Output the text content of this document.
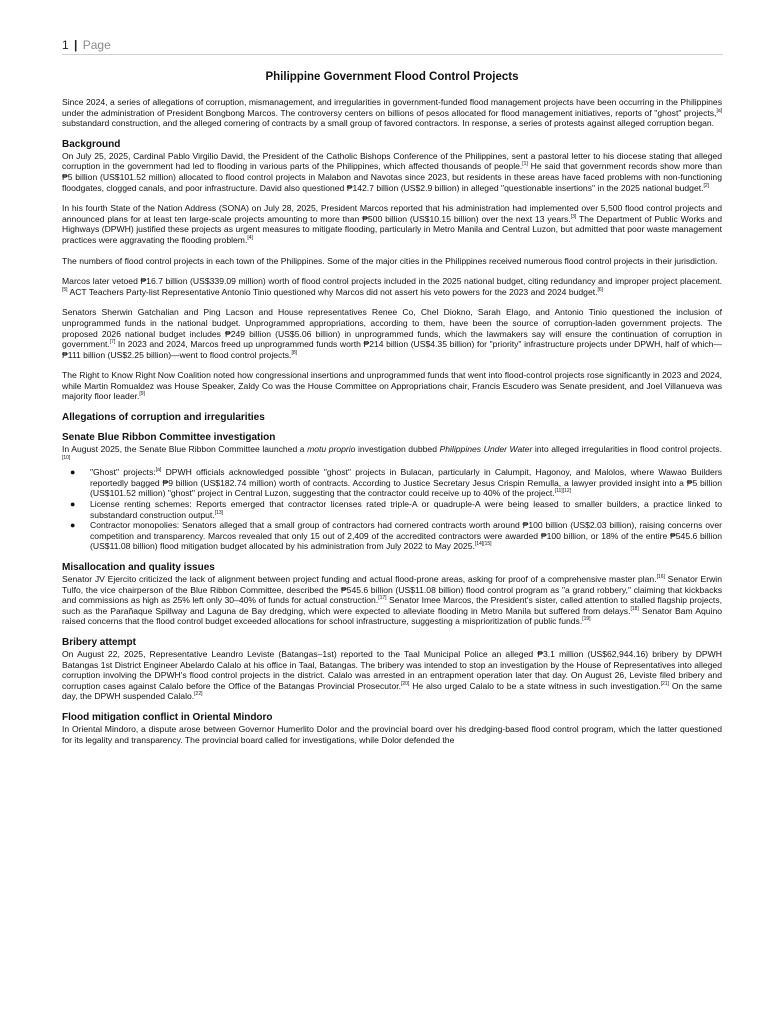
1 | Page
Philippine Government Flood Control Projects

Since 2024, a series of allegations of corruption, mismanagement, and irregularities in government-funded flood management projects have been occurring in the Philippines under the administration of President Bongbong Marcos. The controversy centers on billions of pesos allocated for flood management initiatives, reports of "ghost" projects,[a] substandard construction, and the alleged cornering of contracts by a small group of favored contractors. In response, a series of protests against alleged corruption began.

Background

On July 25, 2025, Cardinal Pablo Virgilio David, the President of the Catholic Bishops Conference of the Philippines, sent a pastoral letter to his diocese stating that alleged corruption in the government had led to flooding in various parts of the Philippines, which affected thousands of people.[1] He said that government records show more than ₱5 billion (US$101.52 million) allocated to flood control projects in Malabon and Navotas since 2023, but residents in these areas have faced problems with non-functioning floodgates, clogged canals, and poor infrastructure. David also questioned ₱142.7 billion (US$2.9 billion) in alleged "questionable insertions" in the 2025 national budget.[2]

In his fourth State of the Nation Address (SONA) on July 28, 2025, President Marcos reported that his administration had implemented over 5,500 flood control projects and announced plans for at least ten large-scale projects amounting to more than ₱500 billion (US$10.15 billion) over the next 13 years.[3] The Department of Public Works and Highways (DPWH) justified these projects as urgent measures to mitigate flooding, particularly in Metro Manila and Central Luzon, but admitted that poor waste management practices were aggravating the flooding problem.[4]

The numbers of flood control projects in each town of the Philippines. Some of the major cities in the Philippines received numerous flood control projects in their jurisdiction.

Marcos later vetoed ₱16.7 billion (US$339.09 million) worth of flood control projects included in the 2025 national budget, citing redundancy and improper project placement.[5] ACT Teachers Party-list Representative Antonio Tinio questioned why Marcos did not assert his veto powers for the 2023 and 2024 budget.[6]

Senators Sherwin Gatchalian and Ping Lacson and House representatives Renee Co, Chel Diokno, Sarah Elago, and Antonio Tinio questioned the inclusion of unprogrammed funds in the national budget. Unprogrammed appropriations, according to them, have been the source of corruption-laden government projects. The proposed 2026 national budget includes ₱249 billion (US$5.06 billion) in unprogrammed funds, which the lawmakers say will ensure the continuation of corruption in government.[7] In 2023 and 2024, Marcos freed up unprogrammed funds worth ₱214 billion (US$4.35 billion) for "priority" infrastructure projects under DPWH, half of which—₱111 billion (US$2.25 billion)—went to flood control projects.[8]

The Right to Know Right Now Coalition noted how congressional insertions and unprogrammed funds that went into flood-control projects rose significantly in 2023 and 2024, while Martin Romualdez was House Speaker, Zaldy Co was the House Committee on Appropriations chair, Francis Escudero was Senate president, and Joel Villanueva was majority floor leader.[9]

Allegations of corruption and irregularities
Senate Blue Ribbon Committee investigation

In August 2025, the Senate Blue Ribbon Committee launched a motu proprio investigation dubbed Philippines Under Water into alleged irregularities in flood control projects.[10]

● "Ghost" projects:[a] DPWH officials acknowledged possible "ghost" projects in Bulacan, particularly in Calumpit, Hagonoy, and Malolos, where Wawao Builders reportedly bagged ₱9 billion (US$182.74 million) worth of contracts. According to Justice Secretary Jesus Crispin Remulla, a lawyer provided insight into a ₱5 billion (US$101.52 million) "ghost" project in Central Luzon, suggesting that the contractor could receive up to 40% of the project.[11][12]
● License renting schemes: Reports emerged that contractor licenses rated triple-A or quadruple-A were being leased to smaller builders, a practice linked to substandard construction output.[13]
● Contractor monopolies: Senators alleged that a small group of contractors had cornered contracts worth around ₱100 billion (US$2.03 billion), raising concerns over competition and transparency. Marcos revealed that only 15 out of 2,409 of the accredited contractors were awarded ₱100 billion, or 18% of the entire ₱545.6 billion (US$11.08 billion) flood mitigation budget allocated by his administration from July 2022 to May 2025.[14][15]
Misallocation and quality issues

Senator JV Ejercito criticized the lack of alignment between project funding and actual flood-prone areas, asking for proof of a comprehensive master plan.[16] Senator Erwin Tulfo, the vice chairperson of the Blue Ribbon Committee, described the ₱545.6 billion (US$11.08 billion) flood control program as "a grand robbery," claiming that kickbacks and commissions as high as 25% left only 30–40% of funds for actual construction.[17] Senator Imee Marcos, the President's sister, called attention to stalled flagship projects, such as the Parañaque Spillway and Laguna de Bay dredging, which were expected to alleviate flooding in Metro Manila but suffered from delays.[18] Senator Bam Aquino raised concerns that the flood control budget exceeded allocations for school infrastructure, suggesting a misprioritization of public funds.[19]

Bribery attempt

On August 22, 2025, Representative Leandro Leviste (Batangas–1st) reported to the Taal Municipal Police an alleged ₱3.1 million (US$62,944.16) bribery by DPWH Batangas 1st District Engineer Abelardo Calalo at his office in Taal, Batangas. The bribery was intended to stop an investigation by the House of Representatives into alleged corruption involving the DPWH's flood control projects in the district. Calalo was arrested in an entrapment operation later that day. On August 26, Leviste filed bribery and corruption cases against Calalo before the Office of the Batangas Provincial Prosecutor.[20] He also urged Calalo to be a state witness in such investigation.[21] On the same day, the DPWH suspended Calalo.[22]

Flood mitigation conflict in Oriental Mindoro

In Oriental Mindoro, a dispute arose between Governor Humerlito Dolor and the provincial board over his dredging-based flood control program, which the latter questioned for its legality and transparency. The provincial board called for investigations, while Dolor defended the
